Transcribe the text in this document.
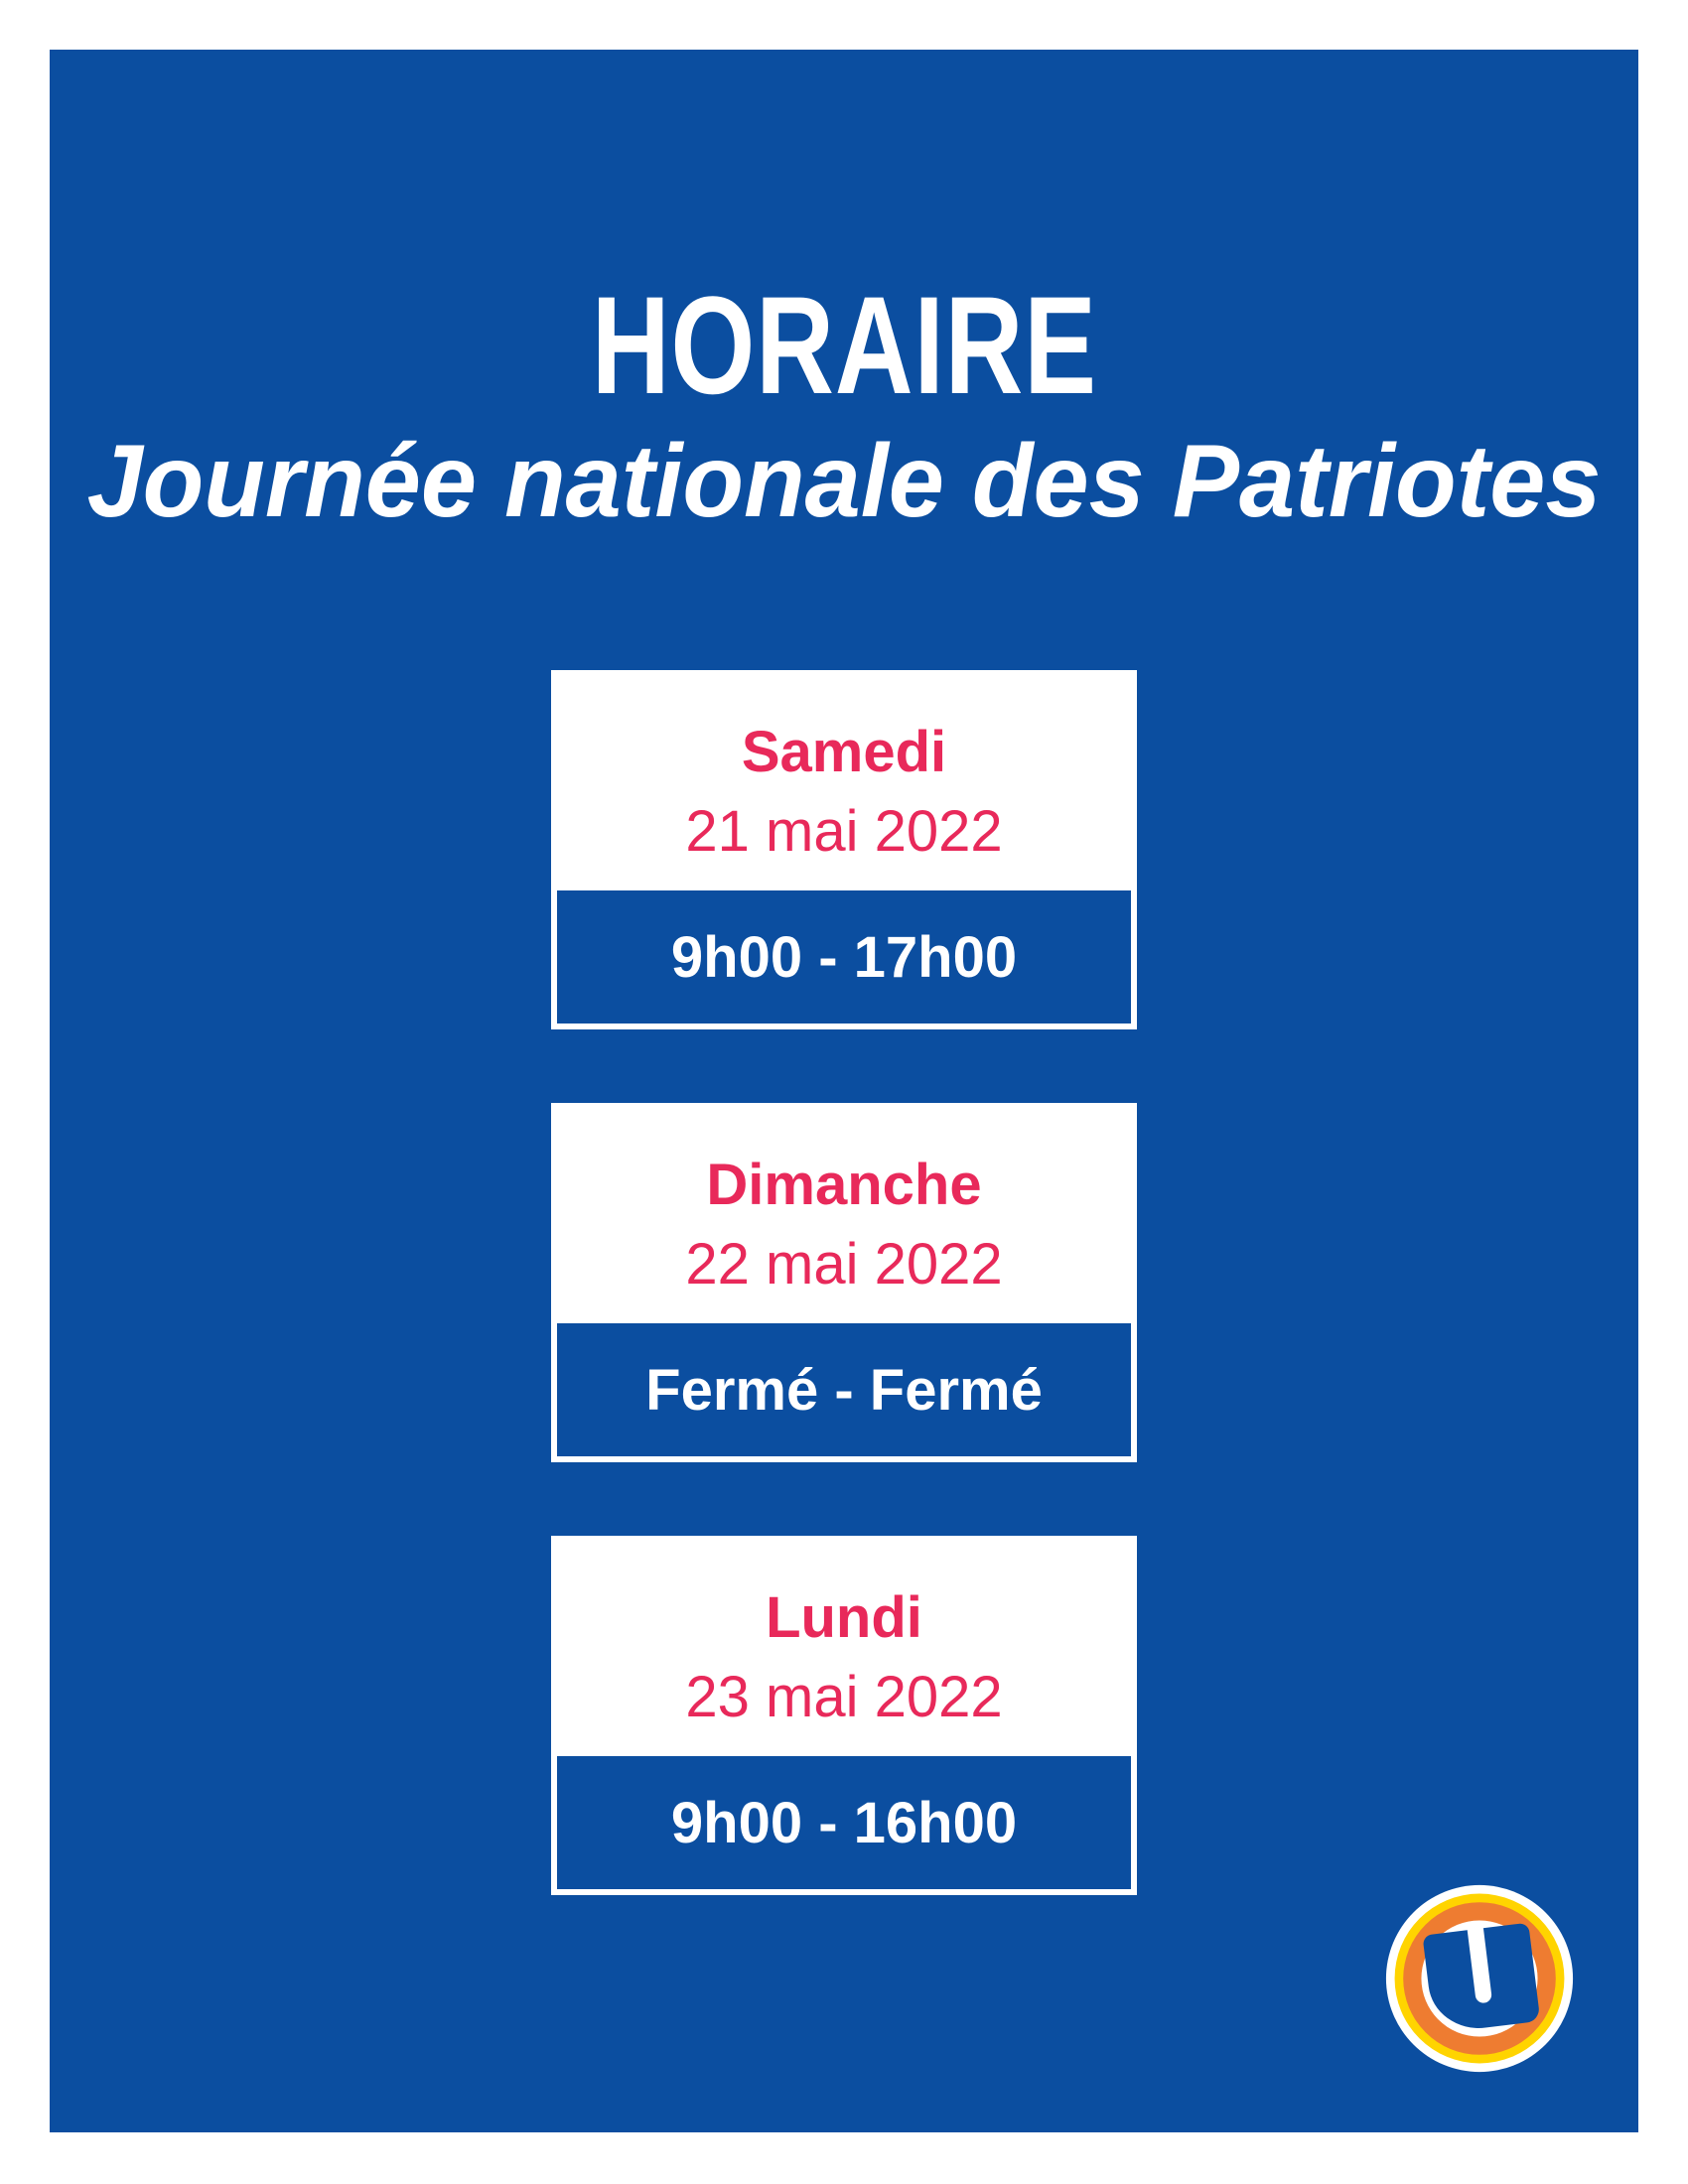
HORAIRE
Journée nationale des Patriotes

Samedi

21 mai 2022

9h00 - 17h00

Dimanche

22 mai 2022

Fermé - Fermé

Lundi

23 mai 2022

9h00 - 16h00
